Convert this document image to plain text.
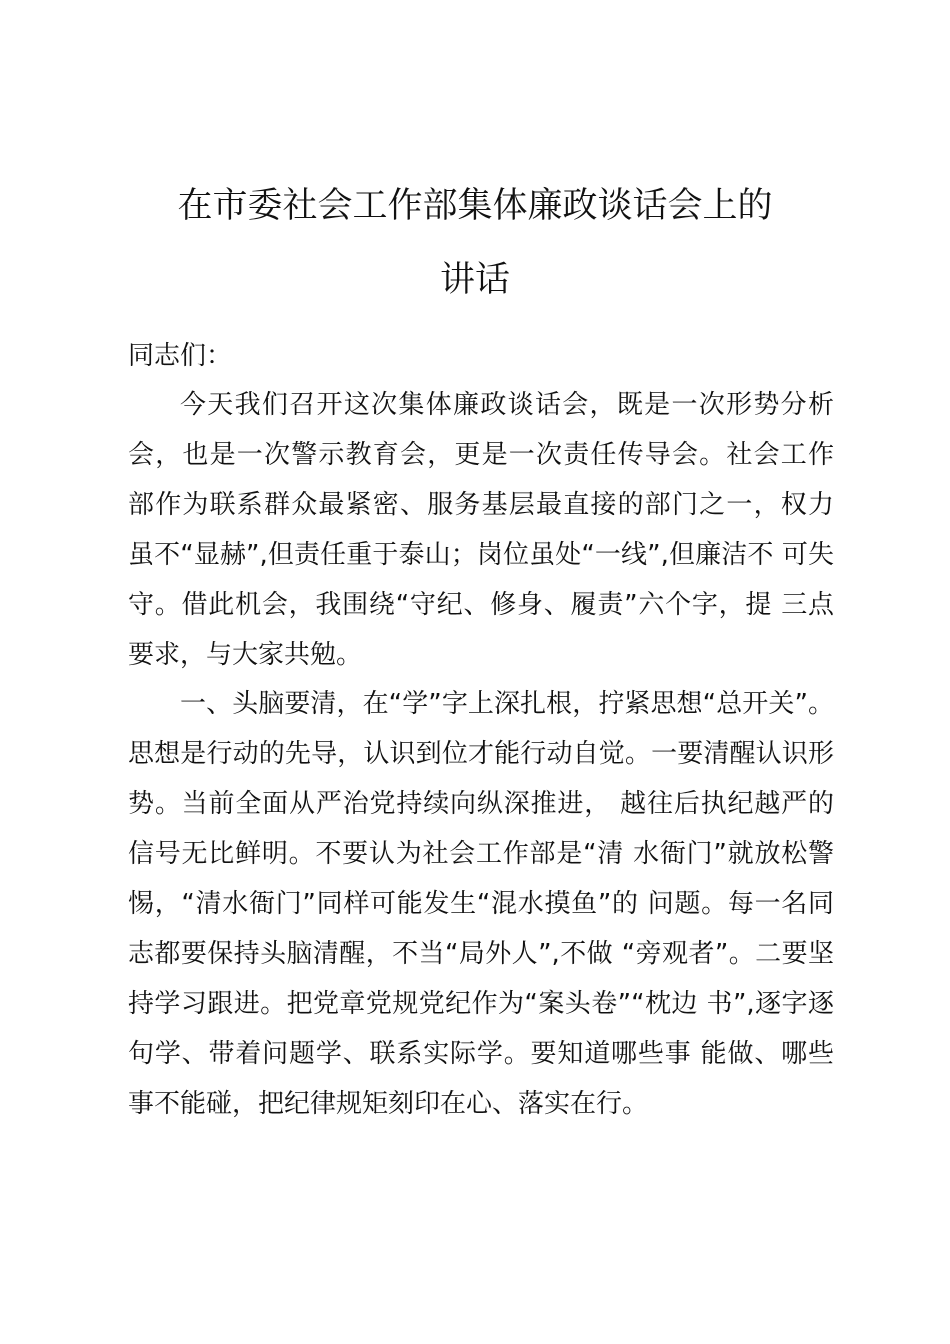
在市委社会工作部集体廉政谈话会上的
讲话

同志们：

今天我们召开这次集体廉政谈话会，既是一次形势分析会，也是一次警示教育会，更是一次责任传导会。社会工作 部作为联系群众最紧密、服务基层最直接的部门之一，权力 虽不“显赫”,但责任重于泰山；岗位虽处“一线”,但廉洁不 可失守。借此机会，我围绕“守纪、修身、履责”六个字，提 三点要求，与大家共勉。

一、头脑要清，在“学”字上深扎根，拧紧思想“总开关”。思想是行动的先导，认识到位才能行动自觉。一要清醒认识形势。当前全面从严治党持续向纵深推进， 越往后执纪越严的信号无比鲜明。不要认为社会工作部是“清 水衙门”就放松警惕，“清水衙门”同样可能发生“混水摸鱼”的 问题。每一名同志都要保持头脑清醒，不当“局外人”,不做 “旁观者”。二要坚持学习跟进。把党章党规党纪作为“案头卷”“枕边 书”,逐字逐句学、带着问题学、联系实际学。要知道哪些事 能做、哪些事不能碰，把纪律规矩刻印在心、落实在行。
